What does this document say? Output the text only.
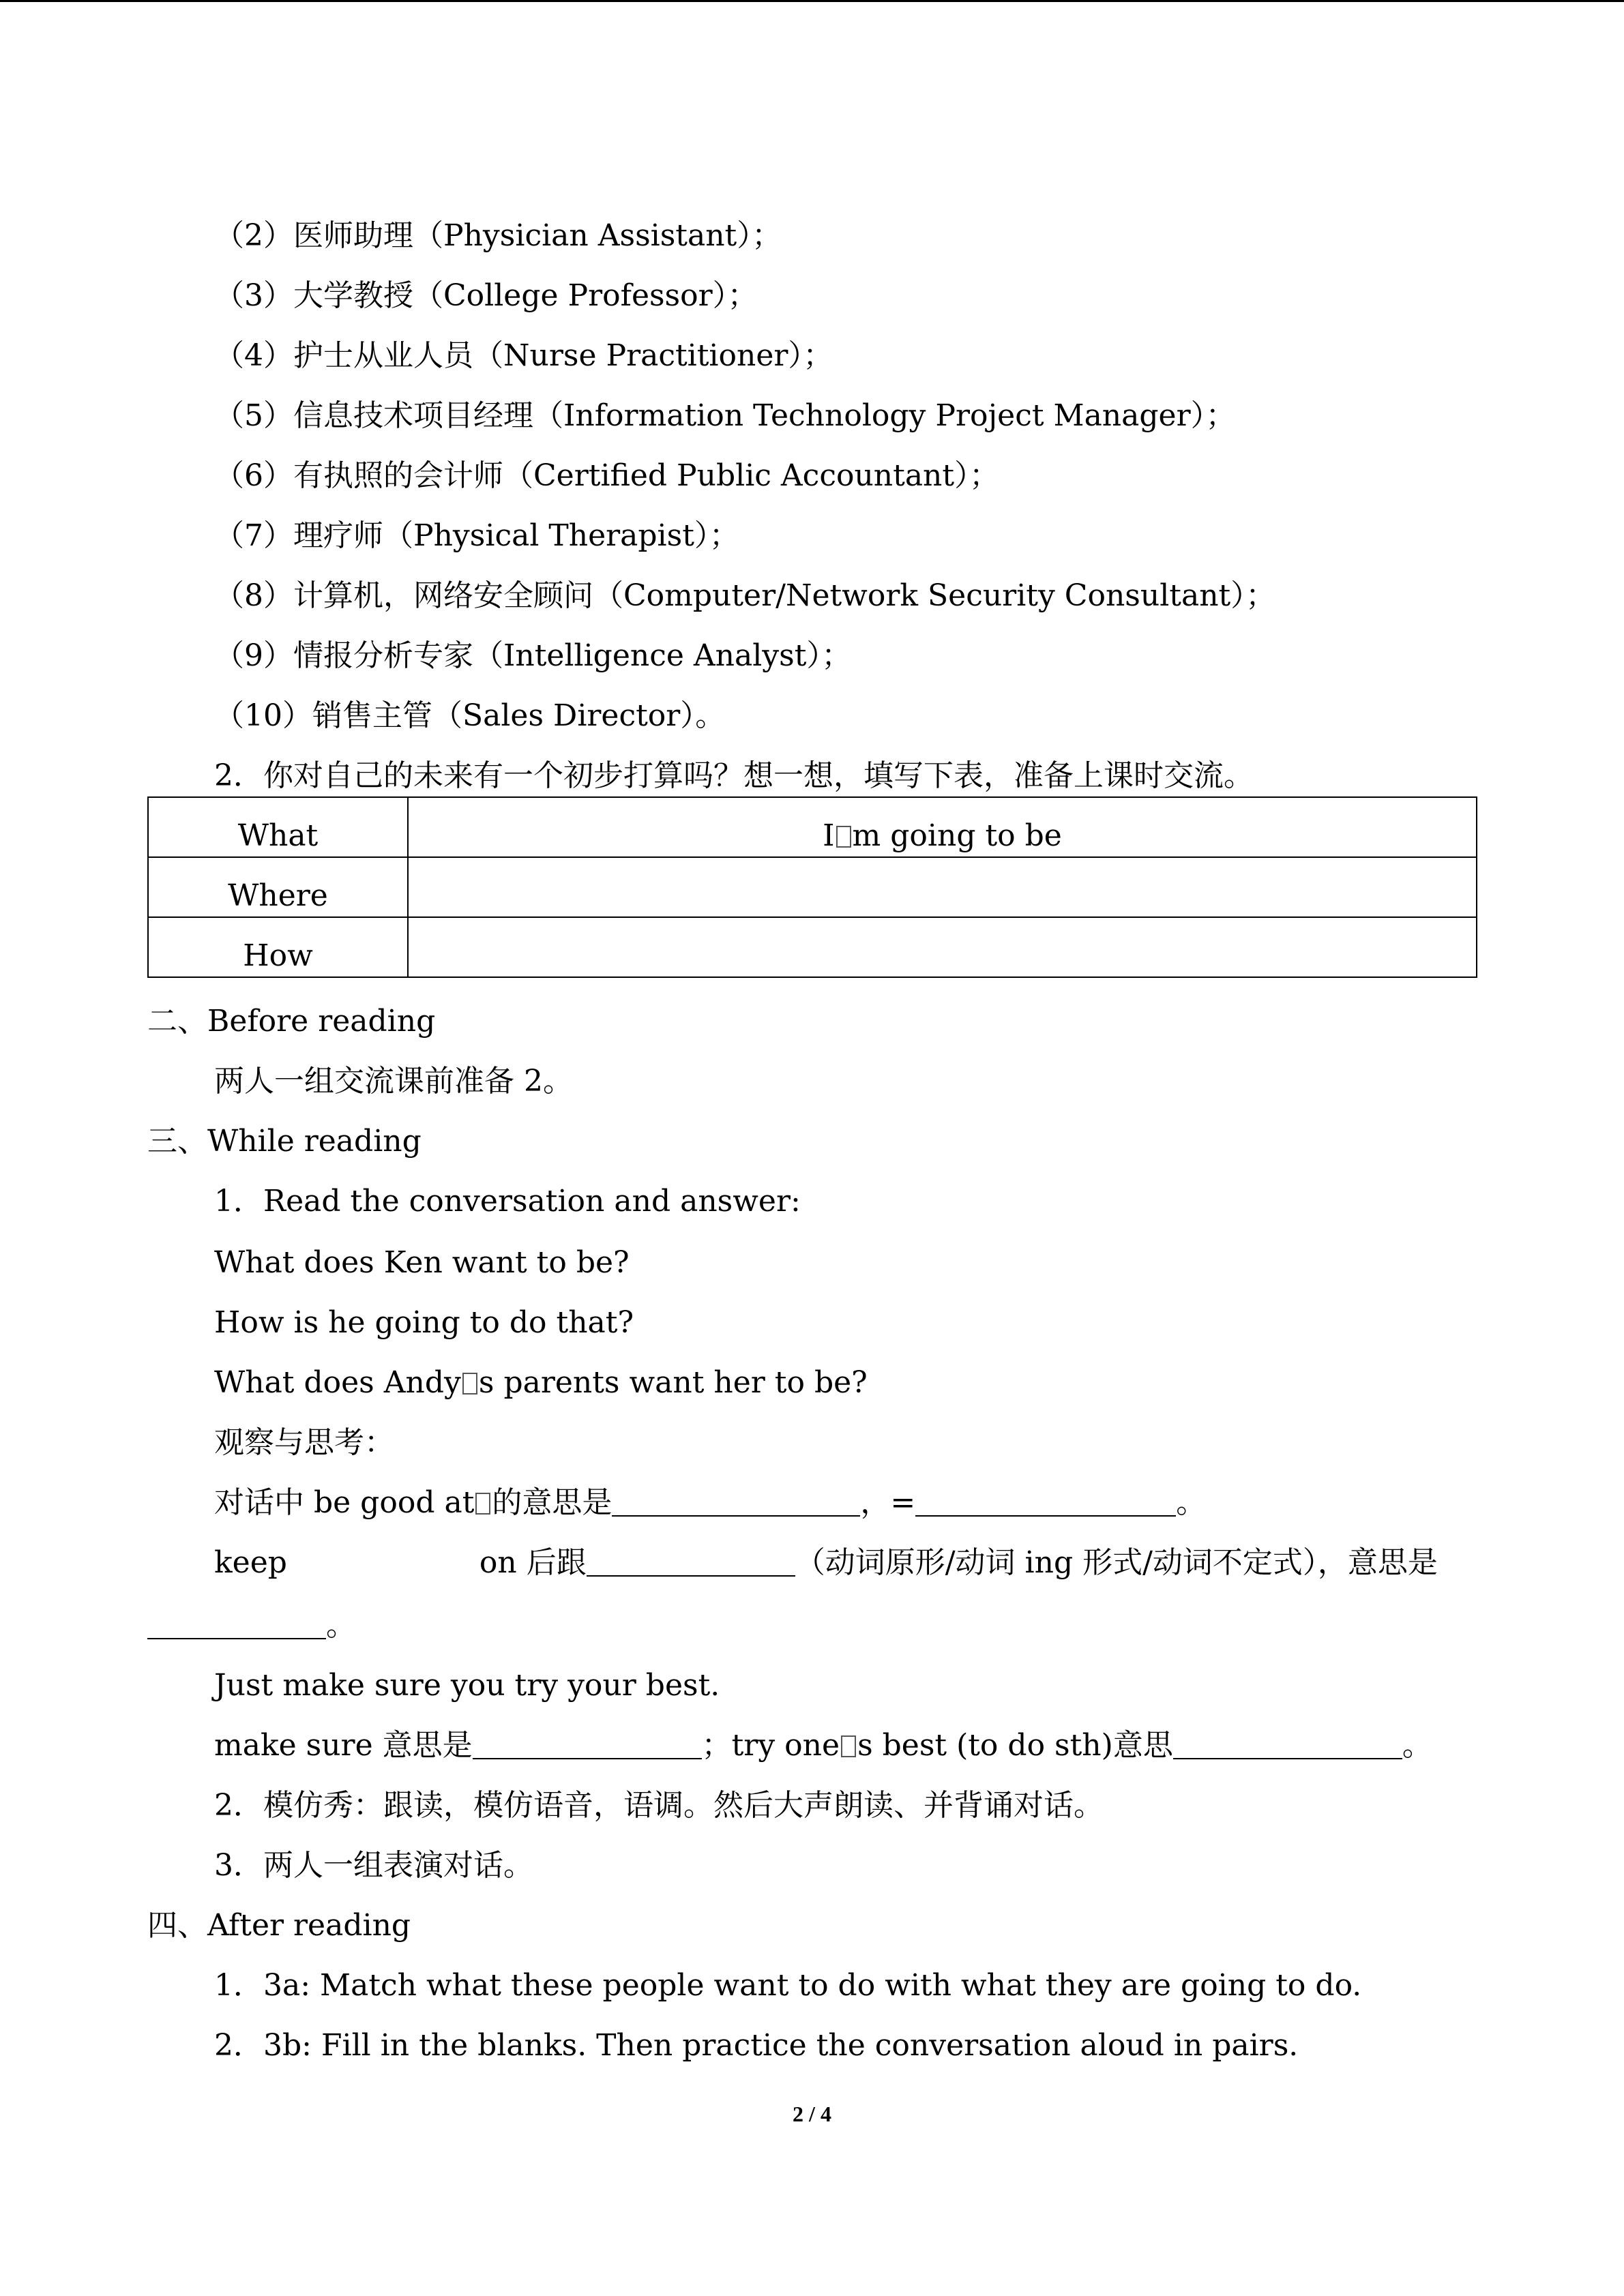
（2）医师助理（Physician Assistant）；
（3）大学教授（College Professor）；
（4）护士从业人员（Nurse Practitioner）；
（5）信息技术项目经理（Information Technology Project Manager）；
（6）有执照的会计师（Certified Public Accountant）；
（7）理疗师（Physical Therapist）；
（8）计算机，网络安全顾问（Computer/Network Security Consultant）；
（9）情报分析专家（Intelligence Analyst）；
（10）销售主管（Sales Director）。
2．你对自己的未来有一个初步打算吗？想一想，填写下表，准备上课时交流。
What	I m going to be
Where	
How	
二、Before reading
两人一组交流课前准备 2。
三、While reading
1．Read the conversation and answer:
What does Ken want to be?
How is he going to do that?
What does Andy s parents want her to be?
观察与思考：
对话中 be good at 的意思是	，=	。
keep	on 后跟	（动词原形/动词 ing 形式/动词不定式），意思是
。
Just make sure you try your best.
make sure 意思是	；try one s best (to do sth)意思	。
2．模仿秀：跟读，模仿语音，语调。然后大声朗读、并背诵对话。
3．两人一组表演对话。
四、After reading
1．3a: Match what these people want to do with what they are going to do.
2．3b: Fill in the blanks. Then practice the conversation aloud in pairs.
2 / 4
